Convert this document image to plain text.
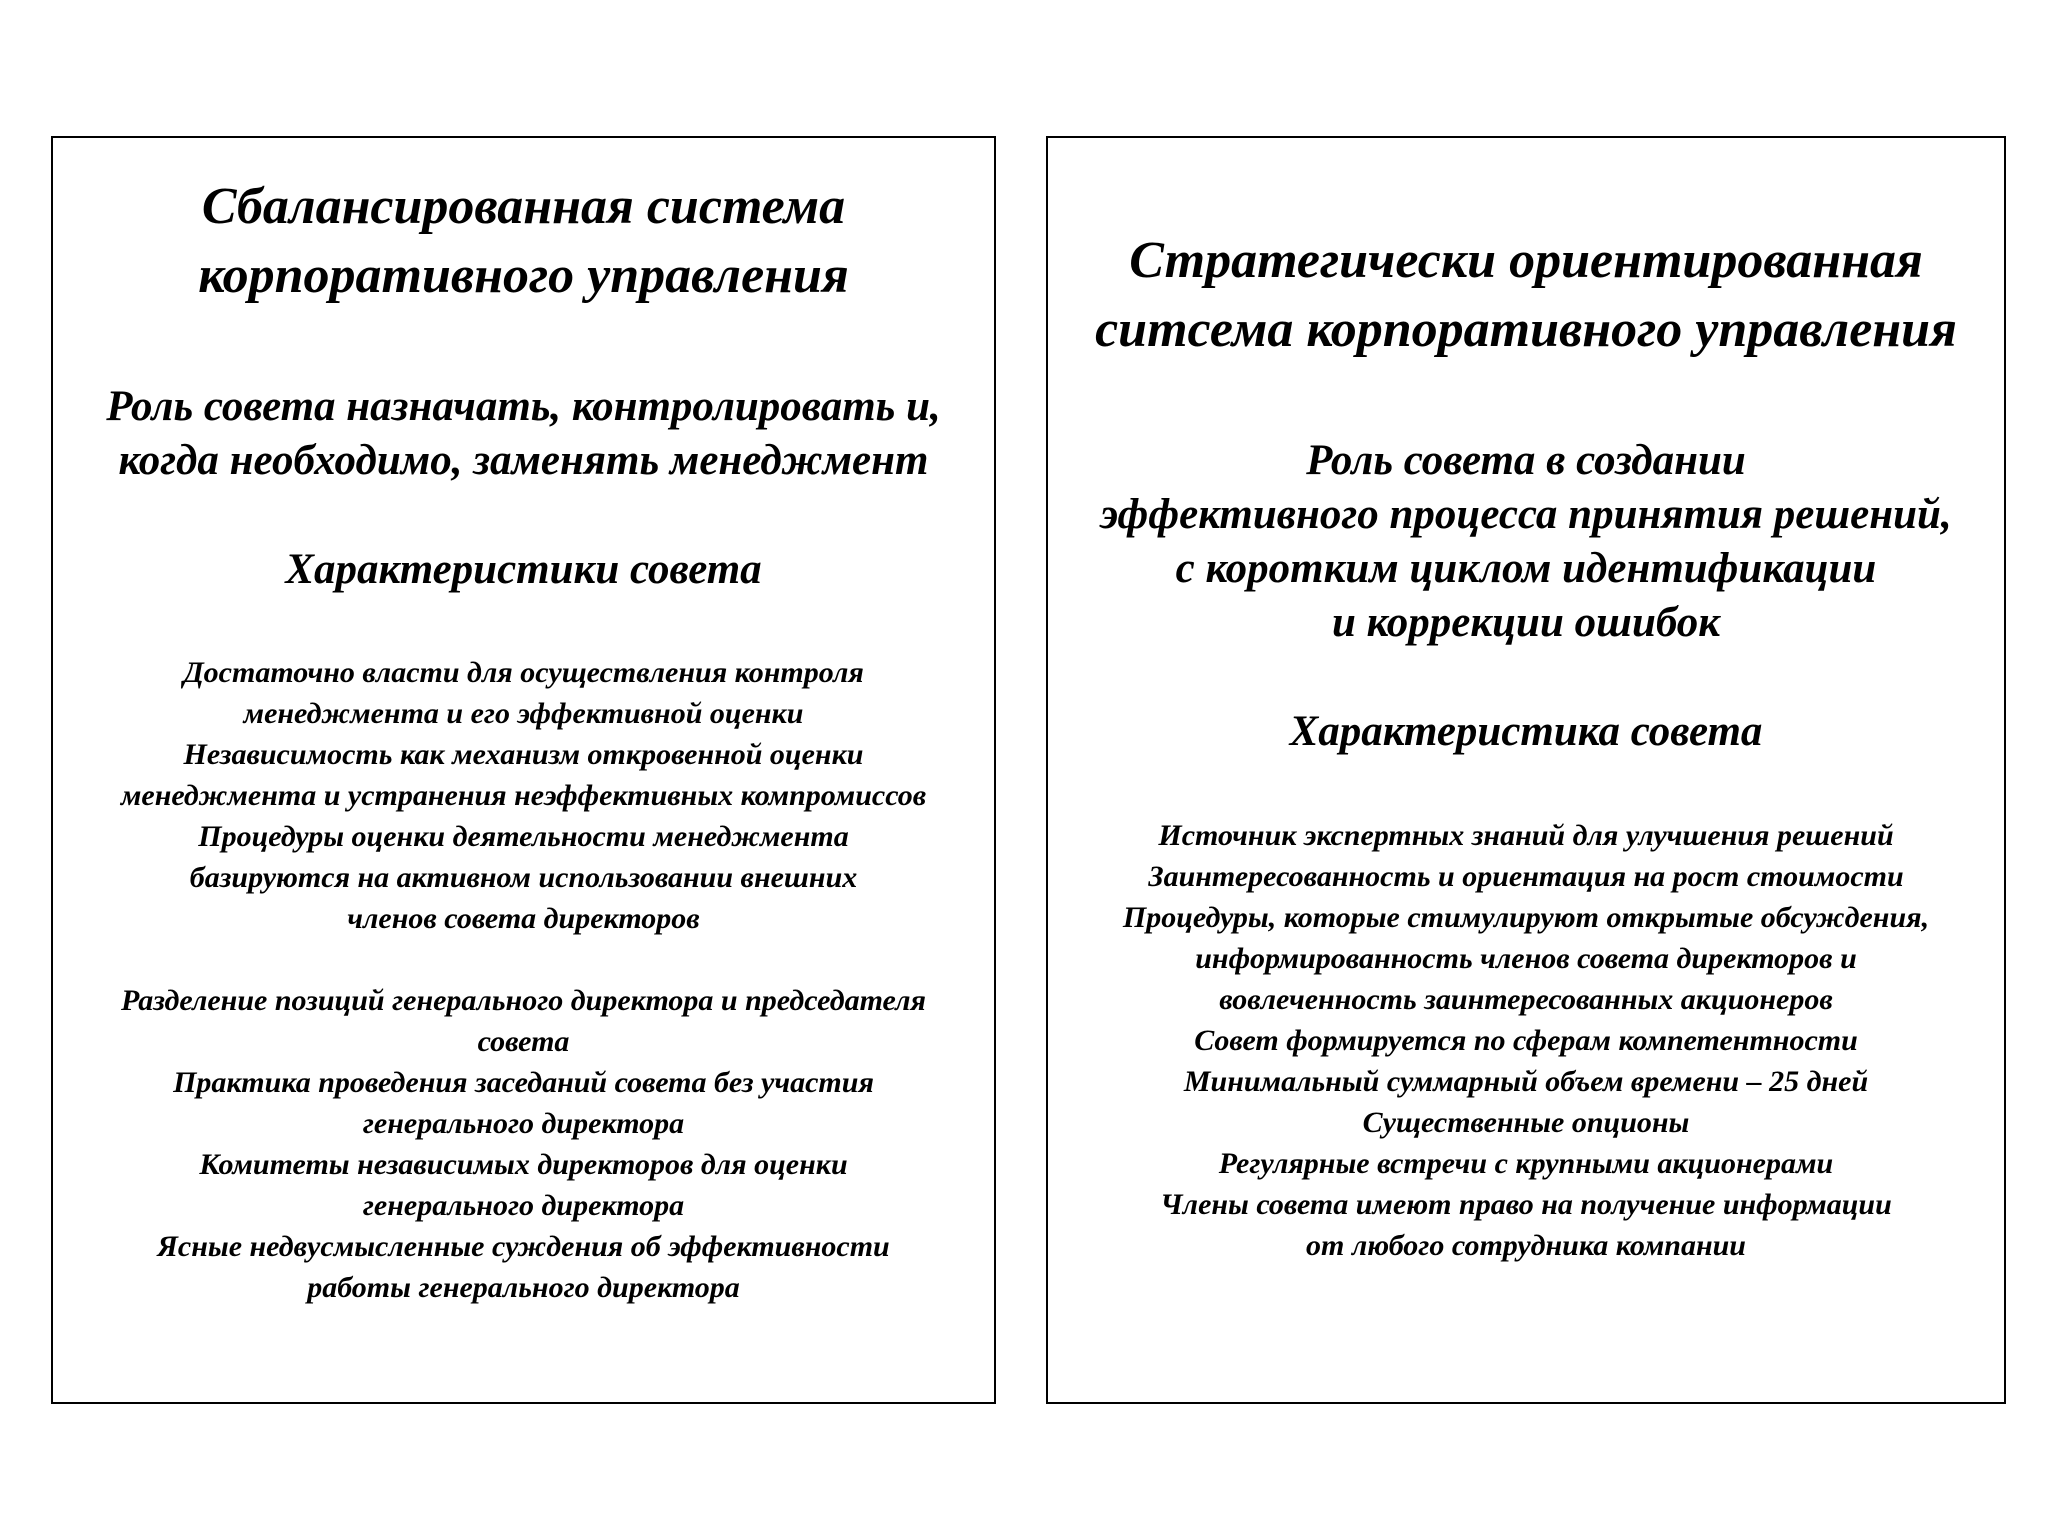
Сбалансированная система
корпоративного управления
Роль совета назначать, контролировать и,
когда необходимо, заменять менеджмент
Характеристики совета
Достаточно власти для осуществления контроля
менеджмента и его эффективной оценки
Независимость как механизм откровенной оценки
менеджмента и устранения неэффективных компромиссов
Процедуры оценки деятельности менеджмента
базируются на активном использовании внешних
членов совета директоров
Разделение позиций генерального директора и председателя
совета
Практика проведения заседаний совета без участия
генерального директора
Комитеты независимых директоров для оценки
генерального директора
Ясные недвусмысленные суждения об эффективности
работы генерального директора
Стратегически ориентированная
ситсема корпоративного управления
Роль совета в создании
эффективного процесса принятия решений,
с коротким циклом идентификации
и коррекции ошибок
Характеристика совета
Источник экспертных знаний для улучшения решений
Заинтересованность и ориентация на рост стоимости
Процедуры, которые стимулируют открытые обсуждения,
информированность членов совета директоров и
вовлеченность заинтересованных акционеров
Совет формируется по сферам компетентности
Минимальный суммарный объем времени – 25 дней
Существенные опционы
Регулярные встречи с крупными акционерами
Члены совета имеют право на получение информации
от любого сотрудника компании
